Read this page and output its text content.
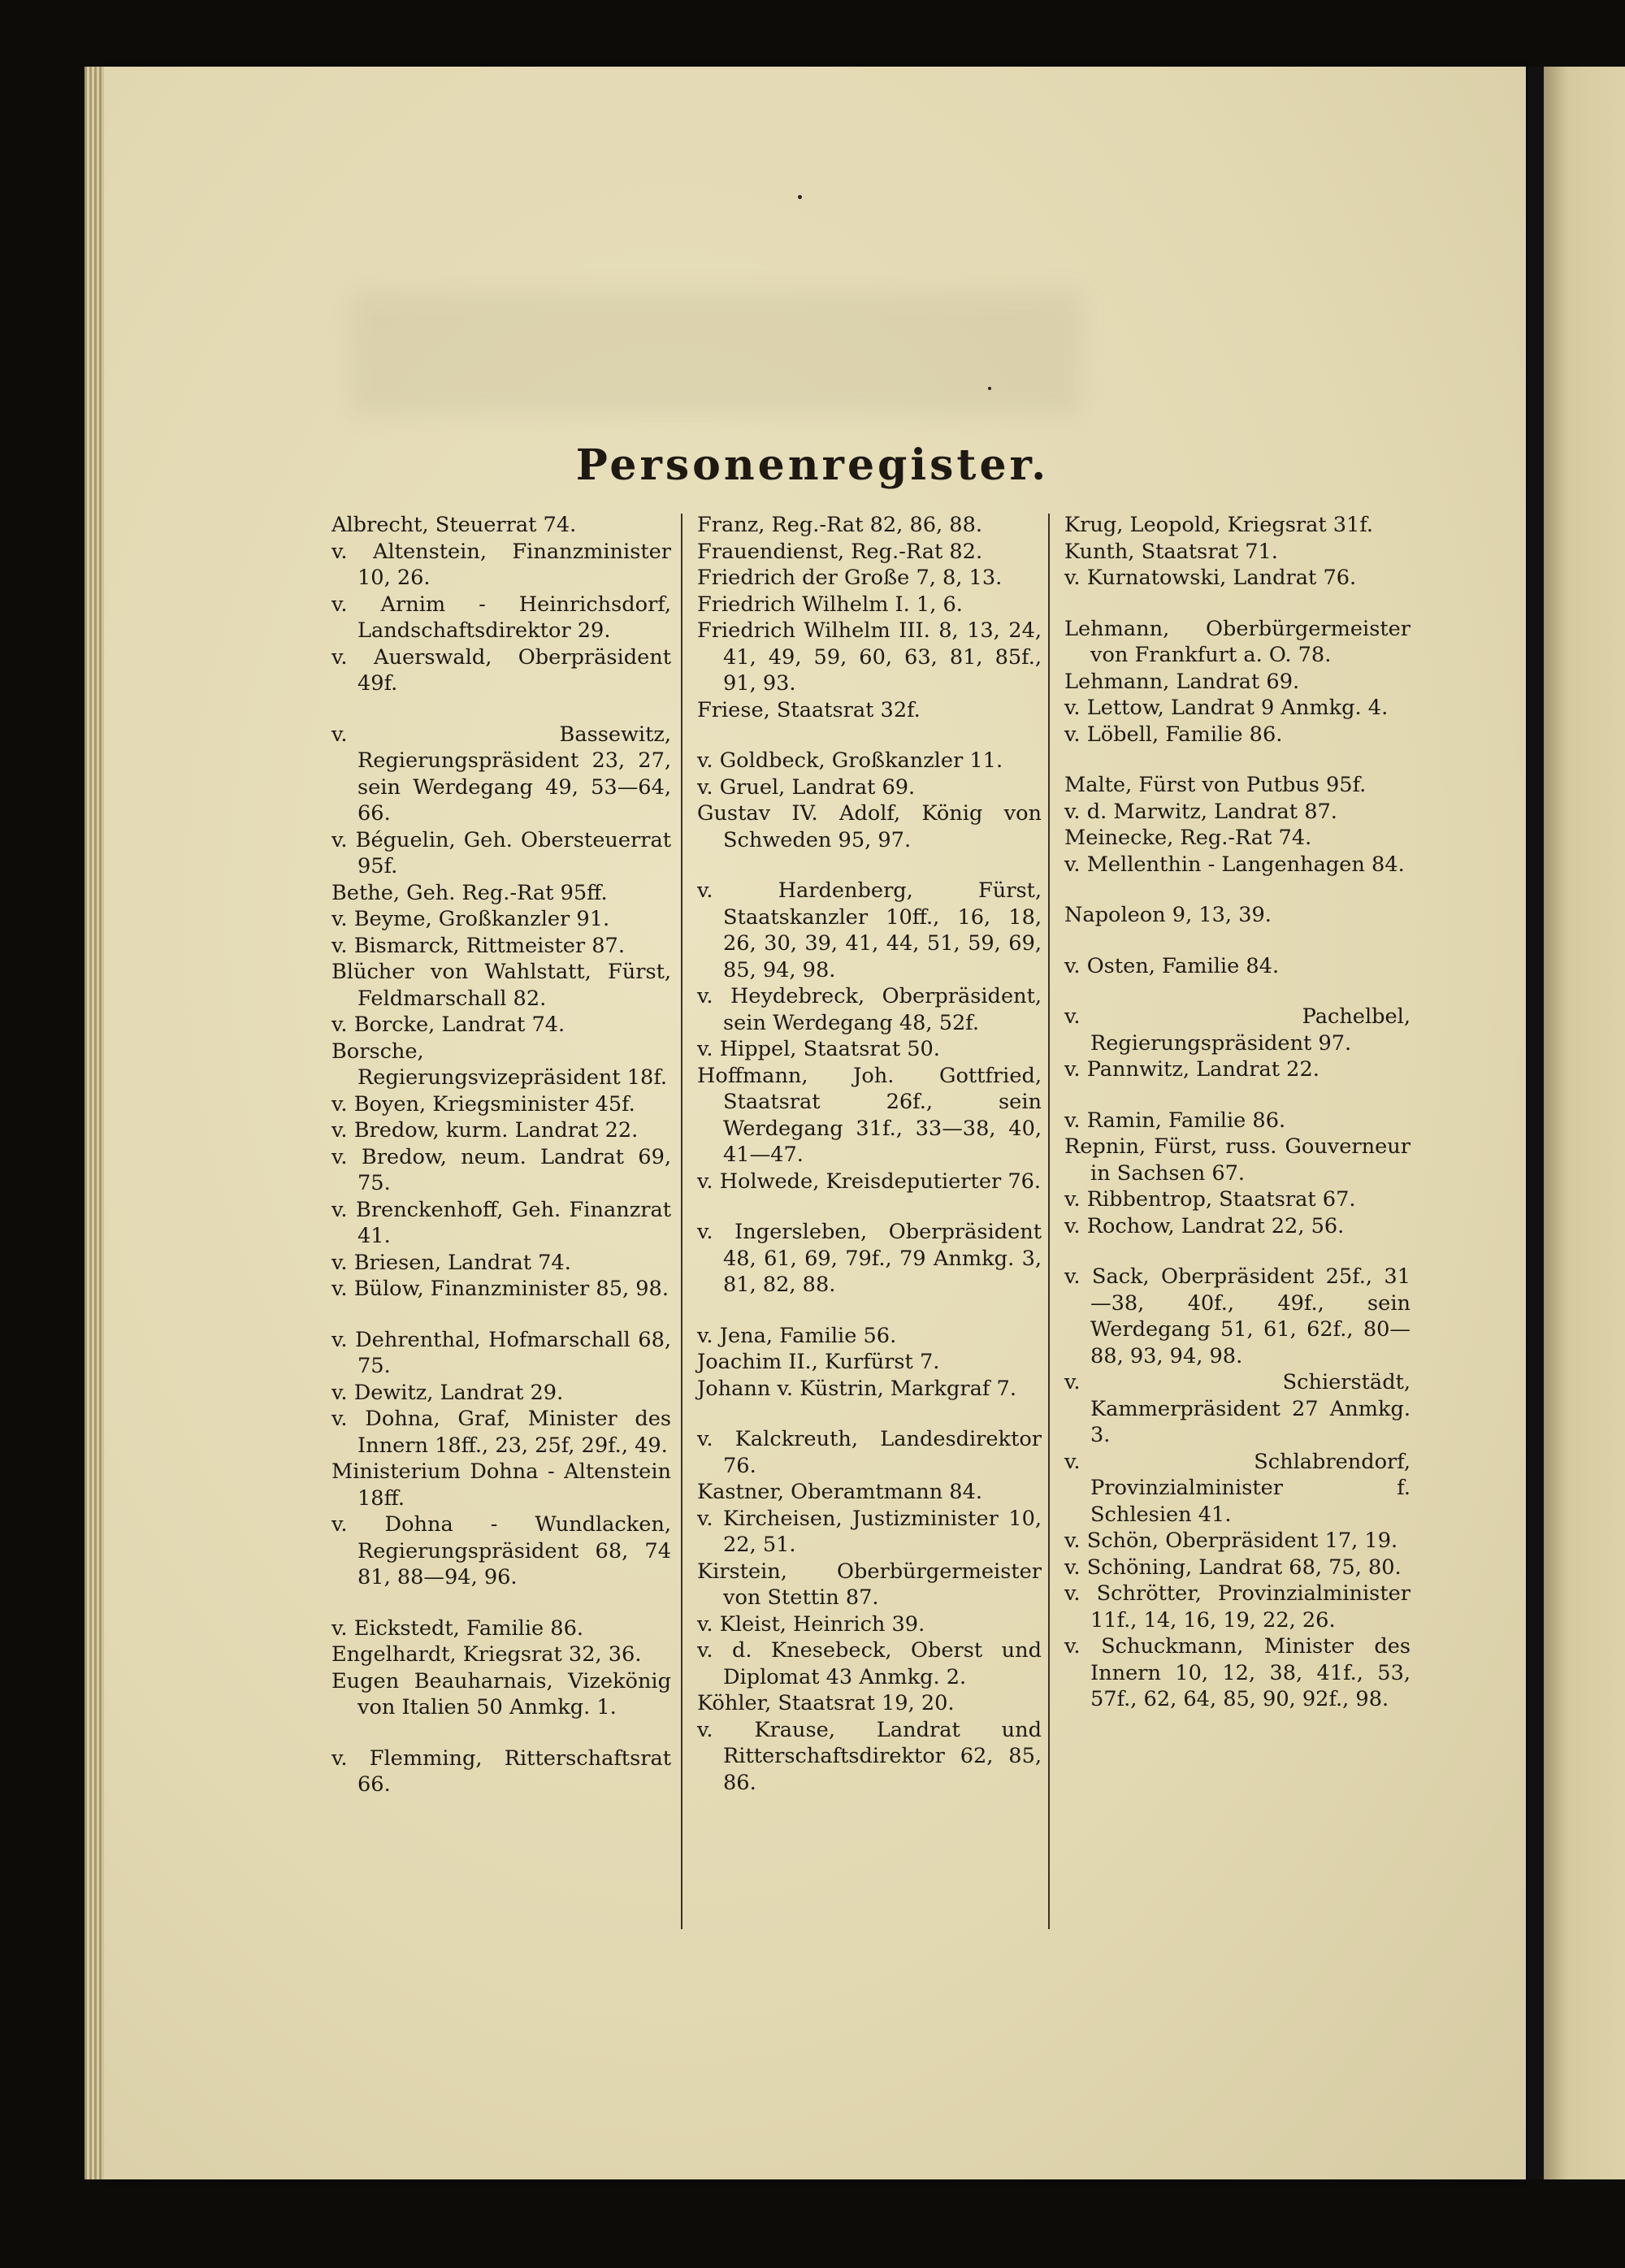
Personenregister.
Albrecht, Steuerrat 74.
v. Altenstein, Finanzminister 10, 26.
v. Arnim - Heinrichsdorf, Landschaftsdirektor 29.
v. Auerswald, Oberpräsident 49f.
v. Bassewitz, Regierungspräsident 23, 27, sein Werdegang 49, 53—64, 66.
v. Béguelin, Geh. Obersteuerrat 95f.
Bethe, Geh. Reg.-Rat 95ff.
v. Beyme, Großkanzler 91.
v. Bismarck, Rittmeister 87.
Blücher von Wahlstatt, Fürst, Feldmarschall 82.
v. Borcke, Landrat 74.
Borsche, Regierungsvizepräsident 18f.
v. Boyen, Kriegsminister 45f.
v. Bredow, kurm. Landrat 22.
v. Bredow, neum. Landrat 69, 75.
v. Brenckenhoff, Geh. Finanzrat 41.
v. Briesen, Landrat 74.
v. Bülow, Finanzminister 85, 98.
v. Dehrenthal, Hofmarschall 68, 75.
v. Dewitz, Landrat 29.
v. Dohna, Graf, Minister des Innern 18ff., 23, 25f, 29f., 49.
Ministerium Dohna - Altenstein 18ff.
v. Dohna - Wundlacken, Regierungspräsident 68, 74 81, 88—94, 96.
v. Eickstedt, Familie 86.
Engelhardt, Kriegsrat 32, 36.
Eugen Beauharnais, Vizekönig von Italien 50 Anmkg. 1.
v. Flemming, Ritterschaftsrat 66.
Franz, Reg.-Rat 82, 86, 88.
Frauendienst, Reg.-Rat 82.
Friedrich der Große 7, 8, 13.
Friedrich Wilhelm I. 1, 6.
Friedrich Wilhelm III. 8, 13, 24, 41, 49, 59, 60, 63, 81, 85f., 91, 93.
Friese, Staatsrat 32f.
v. Goldbeck, Großkanzler 11.
v. Gruel, Landrat 69.
Gustav IV. Adolf, König von Schweden 95, 97.
v. Hardenberg, Fürst, Staatskanzler 10ff., 16, 18, 26, 30, 39, 41, 44, 51, 59, 69, 85, 94, 98.
v. Heydebreck, Oberpräsident, sein Werdegang 48, 52f.
v. Hippel, Staatsrat 50.
Hoffmann, Joh. Gottfried, Staatsrat 26f., sein Werdegang 31f., 33—38, 40, 41—47.
v. Holwede, Kreisdeputierter 76.
v. Ingersleben, Oberpräsident 48, 61, 69, 79f., 79 Anmkg. 3, 81, 82, 88.
v. Jena, Familie 56.
Joachim II., Kurfürst 7.
Johann v. Küstrin, Markgraf 7.
v. Kalckreuth, Landesdirektor 76.
Kastner, Oberamtmann 84.
v. Kircheisen, Justizminister 10, 22, 51.
Kirstein, Oberbürgermeister von Stettin 87.
v. Kleist, Heinrich 39.
v. d. Knesebeck, Oberst und Diplomat 43 Anmkg. 2.
Köhler, Staatsrat 19, 20.
v. Krause, Landrat und Ritterschaftsdirektor 62, 85, 86.
Krug, Leopold, Kriegsrat 31f.
Kunth, Staatsrat 71.
v. Kurnatowski, Landrat 76.
Lehmann, Oberbürgermeister von Frankfurt a. O. 78.
Lehmann, Landrat 69.
v. Lettow, Landrat 9 Anmkg. 4.
v. Löbell, Familie 86.
Malte, Fürst von Putbus 95f.
v. d. Marwitz, Landrat 87.
Meinecke, Reg.-Rat 74.
v. Mellenthin - Langenhagen 84.
Napoleon 9, 13, 39.
v. Osten, Familie 84.
v. Pachelbel, Regierungspräsident 97.
v. Pannwitz, Landrat 22.
v. Ramin, Familie 86.
Repnin, Fürst, russ. Gouverneur in Sachsen 67.
v. Ribbentrop, Staatsrat 67.
v. Rochow, Landrat 22, 56.
v. Sack, Oberpräsident 25f., 31—38, 40f., 49f., sein Werdegang 51, 61, 62f., 80—88, 93, 94, 98.
v. Schierstädt, Kammerpräsident 27 Anmkg. 3.
v. Schlabrendorf, Provinzialminister f. Schlesien 41.
v. Schön, Oberpräsident 17, 19.
v. Schöning, Landrat 68, 75, 80.
v. Schrötter, Provinzialminister 11f., 14, 16, 19, 22, 26.
v. Schuckmann, Minister des Innern 10, 12, 38, 41f., 53, 57f., 62, 64, 85, 90, 92f., 98.
